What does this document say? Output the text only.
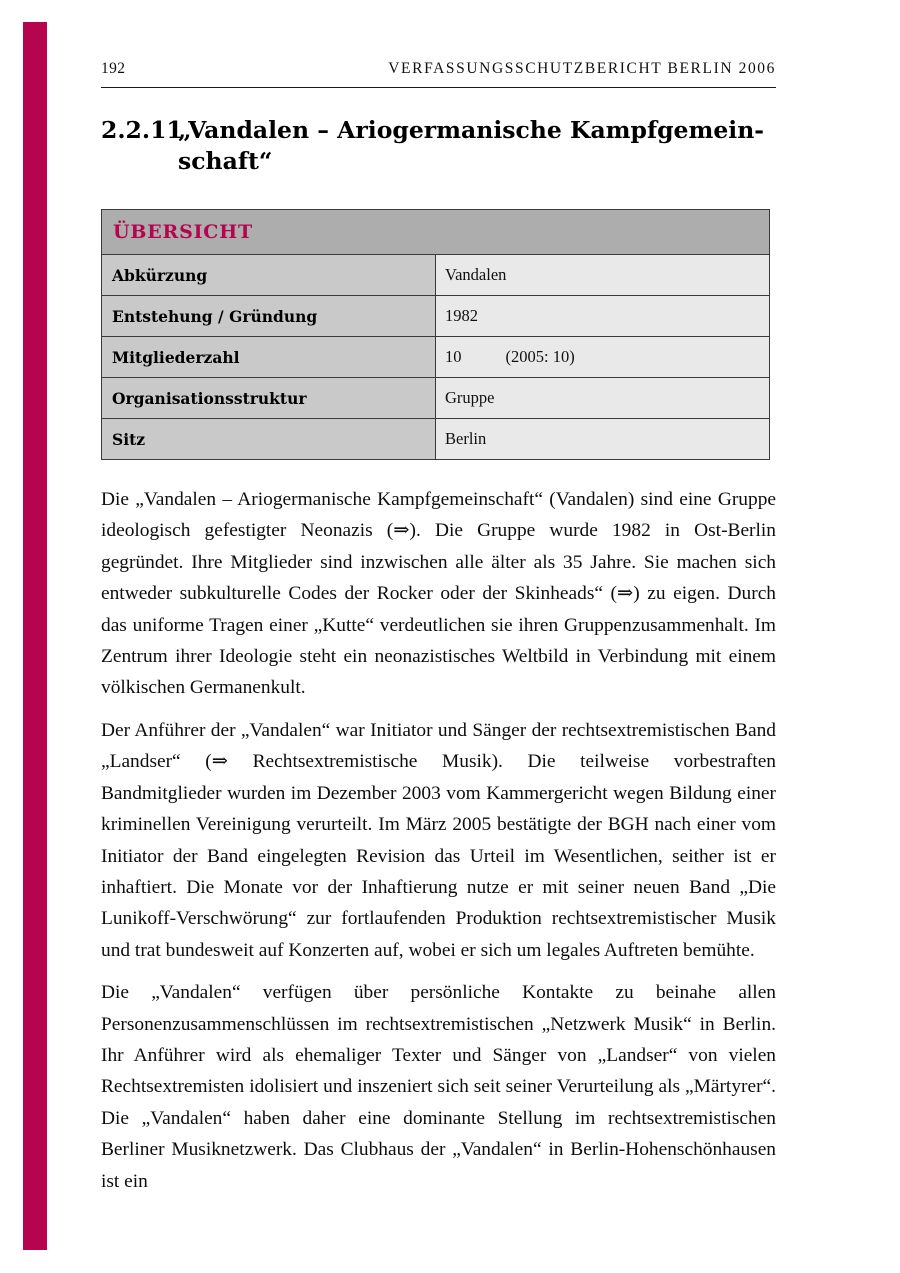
192	VERFASSUNGSSCHUTZBERICHT BERLIN 2006
2.2.11
„Vandalen – Ariogermanische Kampfgemein- schaft“
ÜBERSICHT	
Abkürzung	Vandalen
Entstehung / Gründung	1982
Mitgliederzahl	10 (2005: 10)
Organisationsstruktur	Gruppe
Sitz	Berlin

Die „Vandalen – Ariogermanische Kampfgemeinschaft“ (Vandalen) sind eine Gruppe ideologisch gefestigter Neonazis (⇒). Die Gruppe wurde 1982 in Ost-Berlin gegründet. Ihre Mitglieder sind inzwischen alle älter als 35 Jahre. Sie machen sich entweder subkulturelle Codes der Rocker oder der Skinheads“ (⇒) zu eigen. Durch das uniforme Tragen einer „Kutte“ verdeutlichen sie ihren Gruppenzusammenhalt. Im Zentrum ihrer Ideologie steht ein neonazistisches Weltbild in Verbindung mit einem völkischen Germanenkult.

Der Anführer der „Vandalen“ war Initiator und Sänger der rechtsextremistischen Band „Landser“ (⇒ Rechtsextremistische Musik). Die teilweise vorbestraften Bandmitglieder wurden im Dezember 2003 vom Kammergericht wegen Bildung einer kriminellen Vereinigung verurteilt. Im März 2005 bestätigte der BGH nach einer vom Initiator der Band eingelegten Revision das Urteil im Wesentlichen, seither ist er inhaftiert. Die Monate vor der Inhaftierung nutze er mit seiner neuen Band „Die Lunikoff-Verschwörung“ zur fortlaufenden Produktion rechtsextremistischer Musik und trat bundesweit auf Konzerten auf, wobei er sich um legales Auftreten bemühte.

Die „Vandalen“ verfügen über persönliche Kontakte zu beinahe allen Personenzusammenschlüssen im rechtsextremistischen „Netzwerk Musik“ in Berlin. Ihr Anführer wird als ehemaliger Texter und Sänger von „Landser“ von vielen Rechtsextremisten idolisiert und inszeniert sich seit seiner Verurteilung als „Märtyrer“. Die „Vandalen“ haben daher eine dominante Stellung im rechtsextremistischen Berliner Musiknetzwerk. Das Clubhaus der „Vandalen“ in Berlin-Hohenschönhausen ist ein
